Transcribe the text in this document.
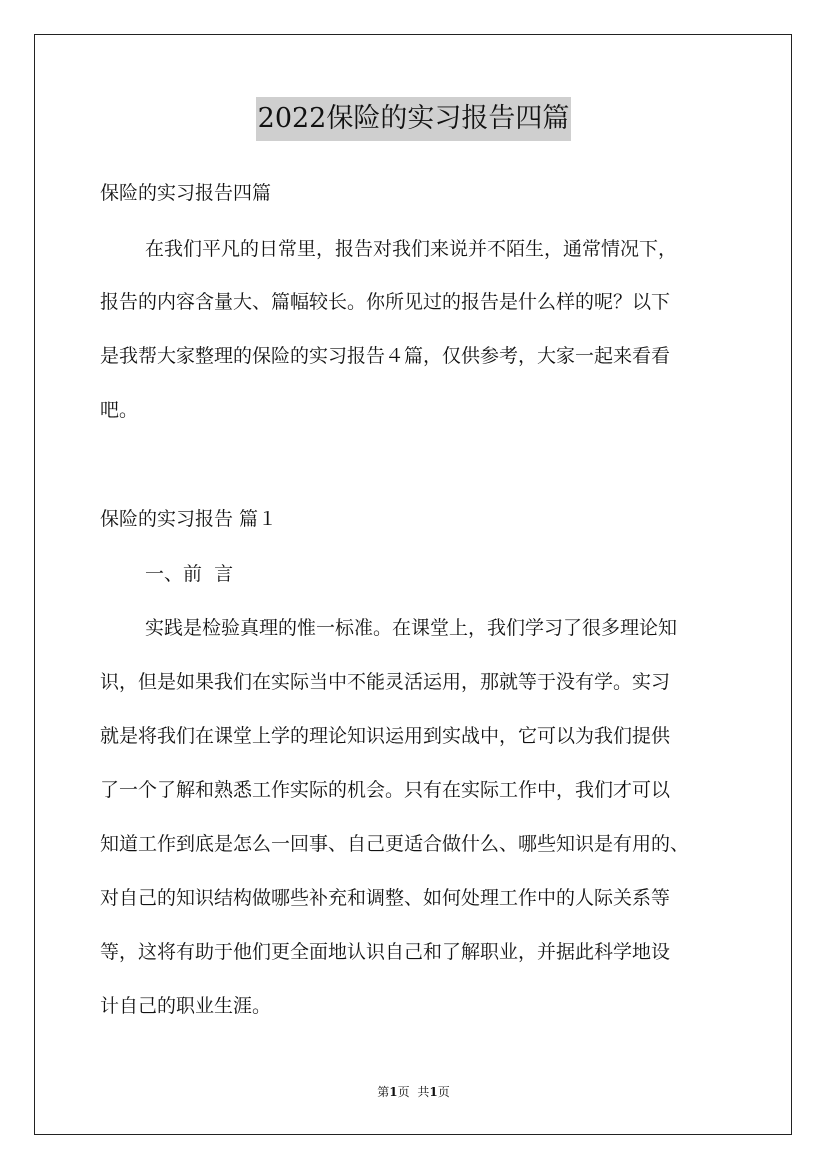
2022保险的实习报告四篇
保险的实习报告四篇
在我们平凡的日常里，报告对我们来说并不陌生，通常情况下，
报告的内容含量大、篇幅较长。你所见过的报告是什么样的呢？以下
是我帮大家整理的保险的实习报告４篇，仅供参考，大家一起来看看
吧。
保险的实习报告 篇１
一、前  言
实践是检验真理的惟一标准。在课堂上，我们学习了很多理论知
识，但是如果我们在实际当中不能灵活运用，那就等于没有学。实习
就是将我们在课堂上学的理论知识运用到实战中，它可以为我们提供
了一个了解和熟悉工作实际的机会。只有在实际工作中，我们才可以
知道工作到底是怎么一回事、自己更适合做什么、哪些知识是有用的、
对自己的知识结构做哪些补充和调整、如何处理工作中的人际关系等
等，这将有助于他们更全面地认识自己和了解职业，并据此科学地设
计自己的职业生涯。
第1页 共1页
